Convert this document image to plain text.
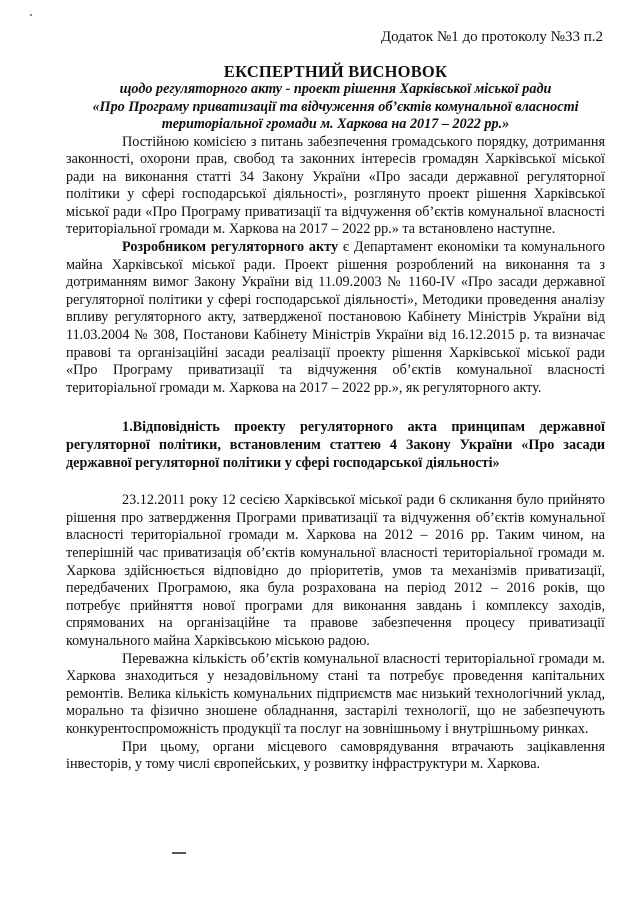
Додаток №1 до протоколу №33 п.2

ЕКСПЕРТНИЙ ВИСНОВОК

щодо регуляторного акту - проект рішення Харківської міської ради

«Про Програму приватизації та відчуження об’єктів комунальної власності

територіальної громади м. Харкова на 2017 – 2022 рр.»

Постійною комісією з питань забезпечення громадського порядку, дотримання законності, охорони прав, свобод та законних інтересів громадян Харківської міської ради на виконання статті 34 Закону України «Про засади державної регуляторної політики у сфері господарської діяльності», розглянуто проект рішення Харківської міської ради «Про Програму приватизації та відчуження об’єктів комунальної власності територіальної громади м. Харкова на 2017 – 2022 рр.» та встановлено наступне.

Розробником регуляторного акту є Департамент економіки та комунального майна Харківської міської ради. Проект рішення розроблений на виконання та з дотриманням вимог Закону України від 11.09.2003 № 1160-IV «Про засади державної регуляторної політики у сфері господарської діяльності», Методики проведення аналізу впливу регуляторного акту, затвердженої постановою Кабінету Міністрів України від 11.03.2004 № 308, Постанови Кабінету Міністрів України від 16.12.2015 р. та визначає правові та організаційні засади реалізації проекту рішення Харківської міської ради «Про Програму приватизації та відчуження об’єктів комунальної власності територіальної громади м. Харкова на 2017 – 2022 рр.», як регуляторного акту.

1.Відповідність проекту регуляторного акта принципам державної регуляторної політики, встановленим статтею 4 Закону України «Про засади державної регуляторної політики у сфері господарської діяльності»

23.12.2011 року 12 сесією Харківської міської ради 6 скликання було прийнято рішення про затвердження Програми приватизації та відчуження об’єктів комунальної власності територіальної громади м. Харкова на 2012 – 2016 рр. Таким чином, на теперішній час приватизація об’єктів комунальної власності територіальної громади м. Харкова здійснюється відповідно до пріоритетів, умов та механізмів приватизації, передбачених Програмою, яка була розрахована на період 2012 – 2016 років, що потребує прийняття нової програми для виконання завдань і комплексу заходів, спрямованих на організаційне та правове забезпечення процесу приватизації комунального майна Харківською міською радою.

Переважна кількість об’єктів комунальної власності територіальної громади м. Харкова знаходиться у незадовільному стані та потребує проведення капітальних ремонтів. Велика кількість комунальних підприємств має низький технологічний уклад, морально та фізично зношене обладнання, застарілі технології, що не забезпечують конкурентоспроможність продукції та послуг на зовнішньому і внутрішньому ринках.

При цьому, органи місцевого самоврядування втрачають зацікавлення інвесторів, у тому числі європейських, у розвитку інфраструктури м. Харкова.
